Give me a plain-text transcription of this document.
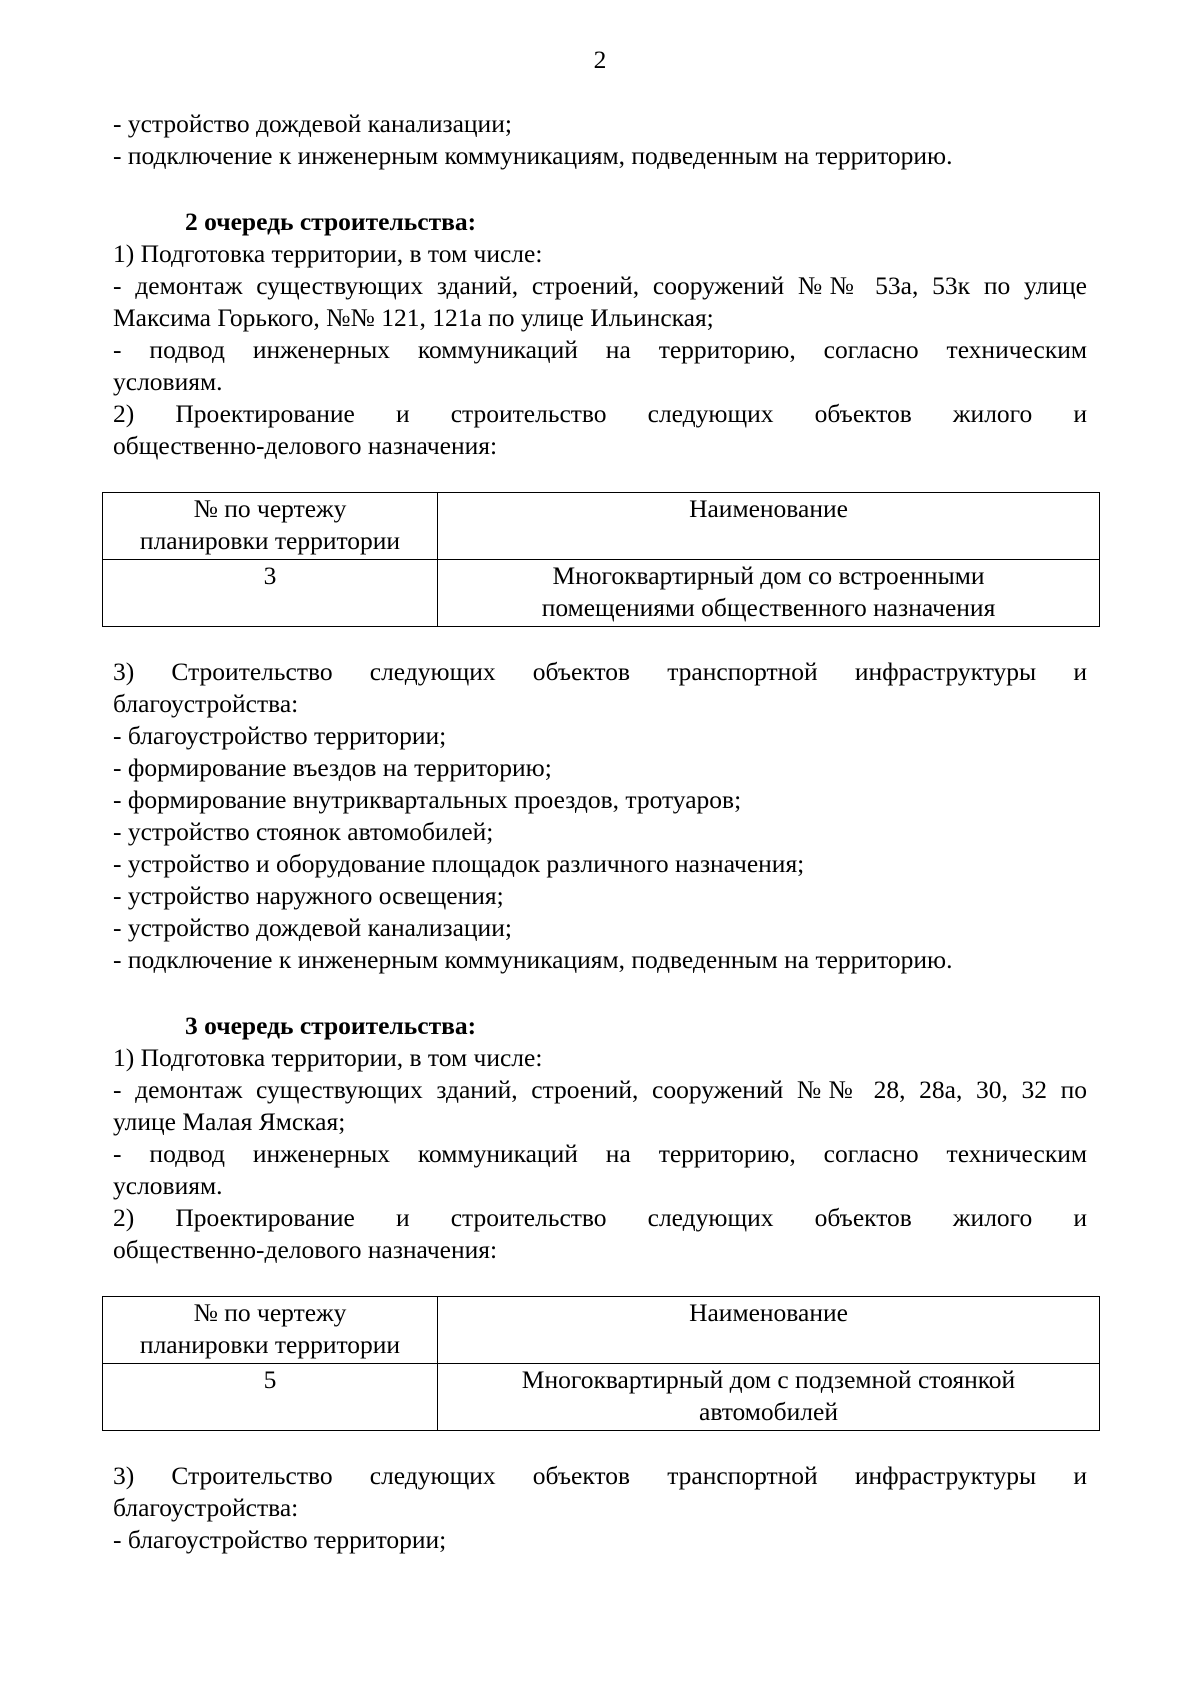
2
- устройство дождевой канализации;
- подключение к инженерным коммуникациям, подведенным на территорию.
2 очередь строительства:
1) Подготовка территории, в том числе:
- демонтаж существующих зданий, строений, сооружений №№ 53а, 53к по улице
Максима Горького, №№ 121, 121а по улице Ильинская;
- подвод инженерных коммуникаций на территорию, согласно техническим
условиям.
2) Проектирование и строительство следующих объектов жилого и
общественно-делового назначения:
№ по чертежу
планировки территории	Наименование

3	Многоквартирный дом со встроенными
помещениями общественного назначения
3) Строительство следующих объектов транспортной инфраструктуры и
благоустройства:
- благоустройство территории;
- формирование въездов на территорию;
- формирование внутриквартальных проездов, тротуаров;
- устройство стоянок автомобилей;
- устройство и оборудование площадок различного назначения;
- устройство наружного освещения;
- устройство дождевой канализации;
- подключение к инженерным коммуникациям, подведенным на территорию.
3 очередь строительства:
1) Подготовка территории, в том числе:
- демонтаж существующих зданий, строений, сооружений №№ 28, 28а, 30, 32 по
улице Малая Ямская;
- подвод инженерных коммуникаций на территорию, согласно техническим
условиям.
2) Проектирование и строительство следующих объектов жилого и
общественно-делового назначения:
№ по чертежу
планировки территории	Наименование

5	Многоквартирный дом с подземной стоянкой
автомобилей
3) Строительство следующих объектов транспортной инфраструктуры и
благоустройства:
- благоустройство территории;
